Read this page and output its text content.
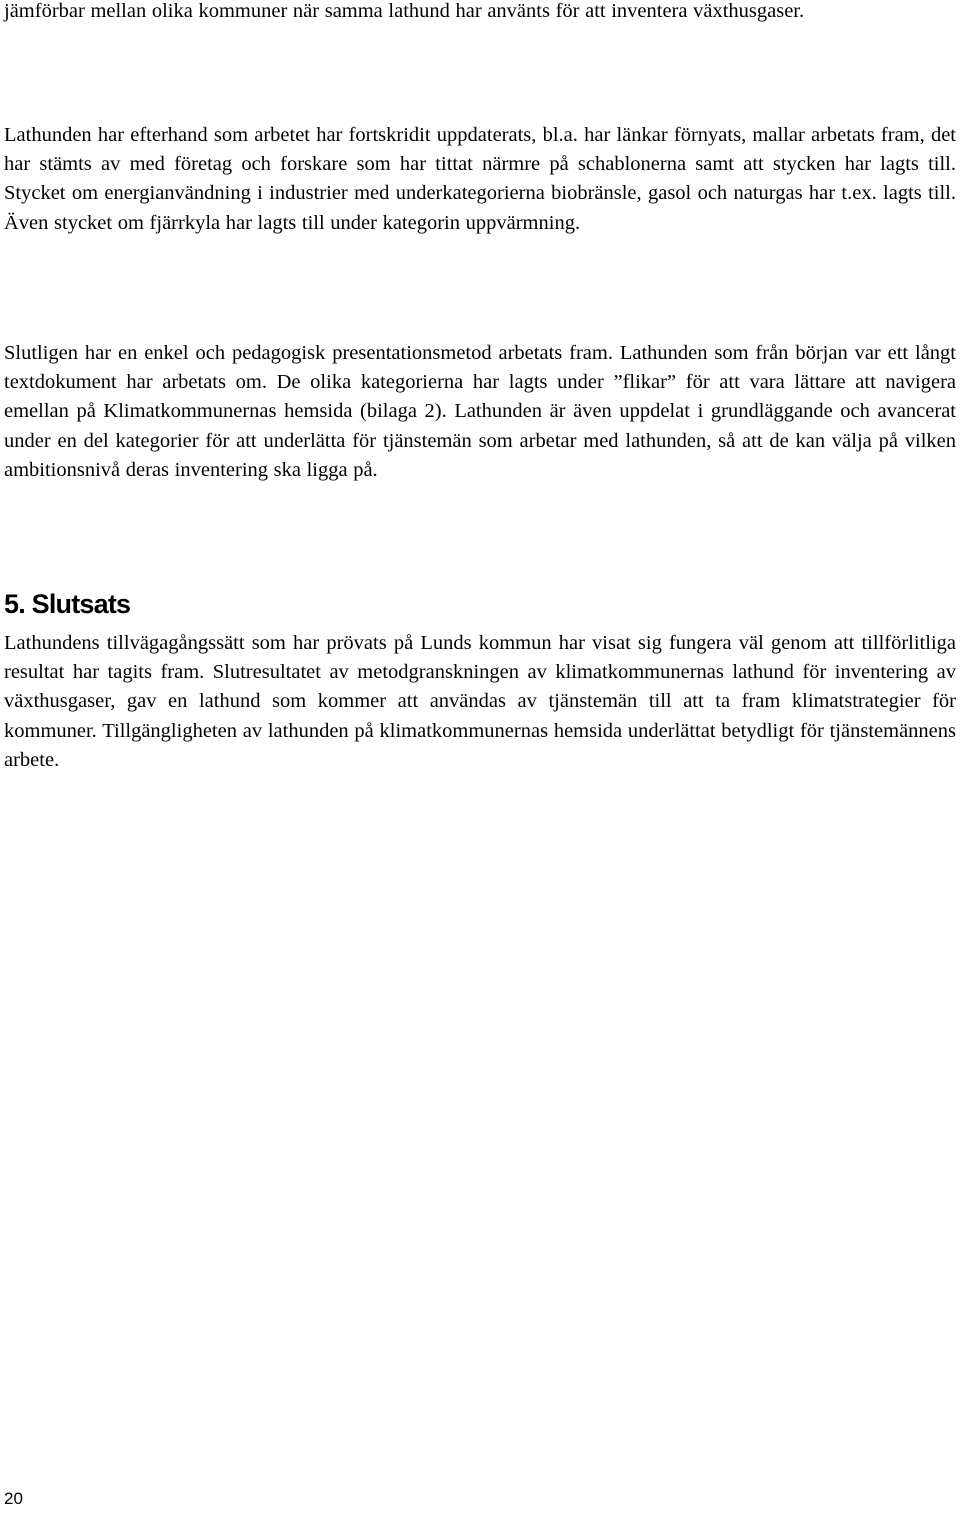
jämförbar mellan olika kommuner när samma lathund har använts för att inventera växthusgaser.

Lathunden har efterhand som arbetet har fortskridit uppdaterats, bl.a. har länkar förnyats, mallar arbetats fram, det har stämts av med företag och forskare som har tittat närmre på schablonerna samt att stycken har lagts till. Stycket om energianvändning i industrier med underkategorierna biobränsle, gasol och naturgas har t.ex. lagts till. Även stycket om fjärrkyla har lagts till under kategorin uppvärmning.

Slutligen har en enkel och pedagogisk presentationsmetod arbetats fram. Lathunden som från början var ett långt textdokument har arbetats om. De olika kategorierna har lagts under ”flikar” för att vara lättare att navigera emellan på Klimatkommunernas hemsida (bilaga 2). Lathunden är även uppdelat i grundläggande och avancerat under en del kategorier för att underlätta för tjänstemän som arbetar med lathunden, så att de kan välja på vilken ambitionsnivå deras inventering ska ligga på.

5. Slutsats

Lathundens tillvägagångssätt som har prövats på Lunds kommun har visat sig fungera väl genom att tillförlitliga resultat har tagits fram. Slutresultatet av metodgranskningen av klimatkommunernas lathund för inventering av växthusgaser, gav en lathund som kommer att användas av tjänstemän till att ta fram klimatstrategier för kommuner. Tillgängligheten av lathunden på klimatkommunernas hemsida underlättat betydligt för tjänstemännens arbete.

20
